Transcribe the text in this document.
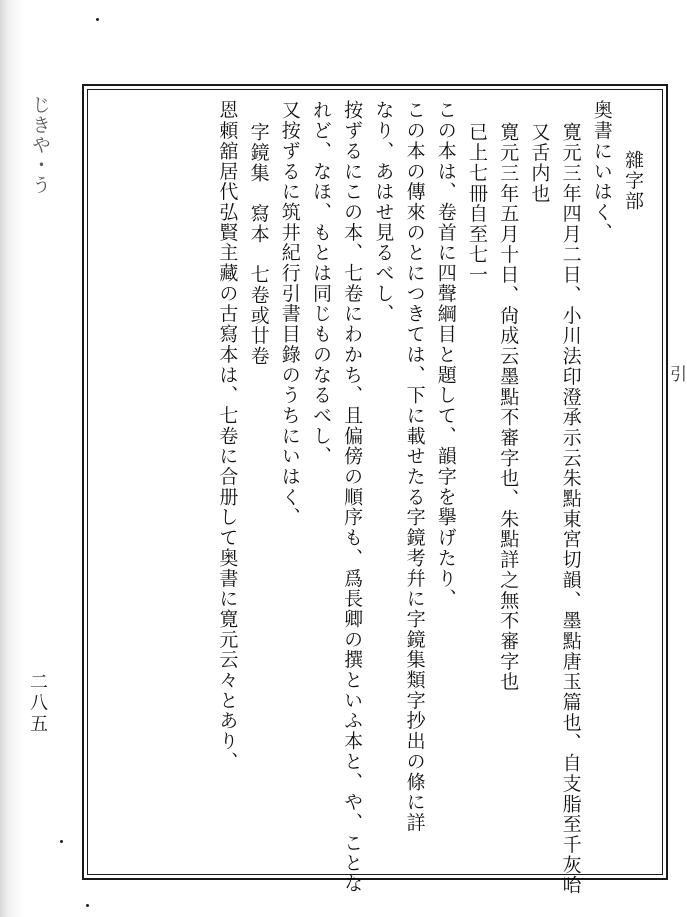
じきや・う
二八五
雜字部
奥書にいはく、
寛元三年四月二日、小川法印澄承示云朱點東宮切韻、墨點唐玉篇也、自支脂至千灰咍
又舌内也
寛元三年五月十日、尙成云墨點不審字也、朱點詳之無不審字也
已上七冊自至七一
この本は、卷首に四聲綱目と題して、韻字を擧げたり、
この本の傳來のとにつきては、下に載せたる字鏡考幷に字鏡集類字抄出の條に詳
なり、あはせ見るべし、
按ずるにこの本、七卷にわかち、且偏傍の順序も、爲長卿の撰といふ本と、や、ことな
れど、なほ、もとは同じものなるべし、
又按ずるに筑井紀行引書目錄のうちにいはく、
字鏡集　寫本　七卷或廿卷
恩頼舘居代弘賢主藏の古寫本は、七卷に合册して奥書に寛元云々とあり、	引
